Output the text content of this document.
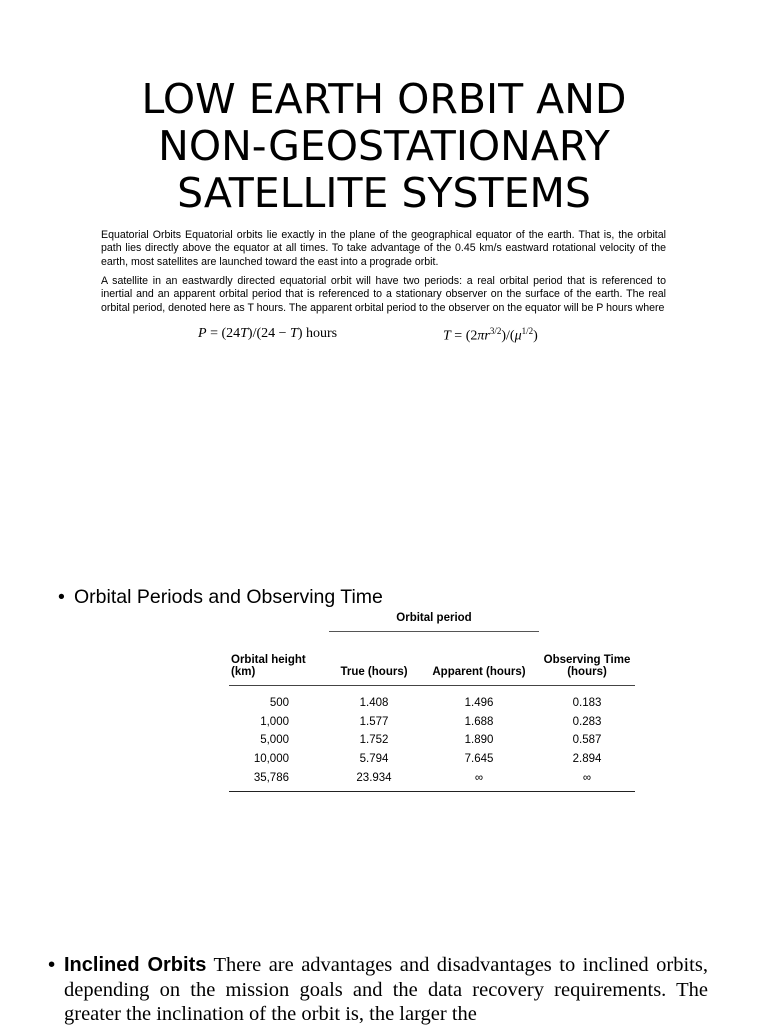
LOW EARTH ORBIT AND
NON-GEOSTATIONARY
SATELLITE SYSTEMS

Equatorial Orbits Equatorial orbits lie exactly in the plane of the geographical equator of the earth. That is, the orbital path lies directly above the equator at all times. To take advantage of the 0.45 km/s eastward rotational velocity of the earth, most satellites are launched toward the east into a prograde orbit.

A satellite in an eastwardly directed equatorial orbit will have two periods: a real orbital period that is referenced to inertial and an apparent orbital period that is referenced to a stationary observer on the surface of the earth. The real orbital period, denoted here as T hours. The apparent orbital period to the observer on the equator will be P hours where

P = (24T)/(24 − T) hours	$T = (2\pi r^{3/2})/(\mu^{1/2})$
• Orbital Periods and Observing Time
	Orbital period		

Orbital height (km)	True (hours)	Apparent (hours)	Observing Time (hours)
500	1.408	1.496	0.183
1,000	1.577	1.688	0.283
5,000	1.752	1.890	0.587
10,000	5.794	7.645	2.894
35,786	23.934	∞	∞
• Inclined Orbits There are advantages and disadvantages to inclined orbits, depending on the mission goals and the data recovery requirements. The greater the inclination of the orbit is, the larger the
